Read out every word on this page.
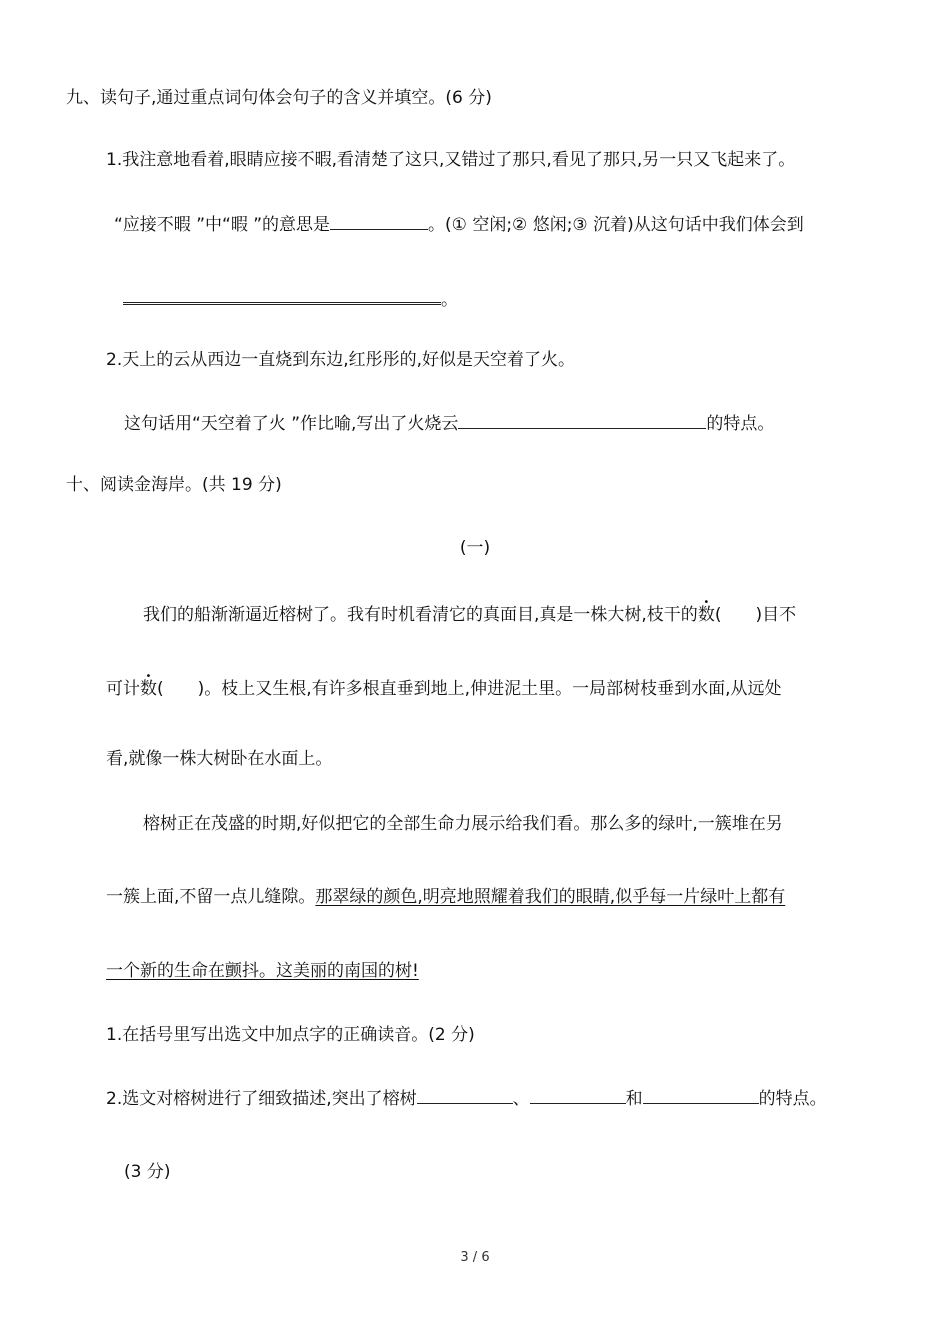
九、读句子,通过重点词句体会句子的含义并填空。(6 分)
1.我注意地看着,眼睛应接不暇,看清楚了这只,又错过了那只,看见了那只,另一只又飞起来了。
“应接不暇 ”中“暇 ”的意思是	。(① 空闲;② 悠闲;③ 沉着)从这句话中我们体会到
。
2.天上的云从西边一直烧到东边,红彤彤的,好似是天空着了火。
这句话用“天空着了火 ”作比喻,写出了火烧云	的特点。
十、阅读金海岸。(共 19 分)
(一)
我们的船渐渐逼近榕树了。我有时机看清它的真面目,真是一株大树,枝干的数( )目不
可计数( )。枝上又生根,有许多根直垂到地上,伸进泥土里。一局部树枝垂到水面,从远处
看,就像一株大树卧在水面上。
榕树正在茂盛的时期,好似把它的全部生命力展示给我们看。那么多的绿叶,一簇堆在另
一簇上面,不留一点儿缝隙。那翠绿的颜色,明亮地照耀着我们的眼睛,似乎每一片绿叶上都有
一个新的生命在颤抖。这美丽的南国的树!
1.在括号里写出选文中加点字的正确读音。(2 分)
2.选文对榕树进行了细致描述,突出了榕树	、	和	的特点。
(3 分)
3 / 6
